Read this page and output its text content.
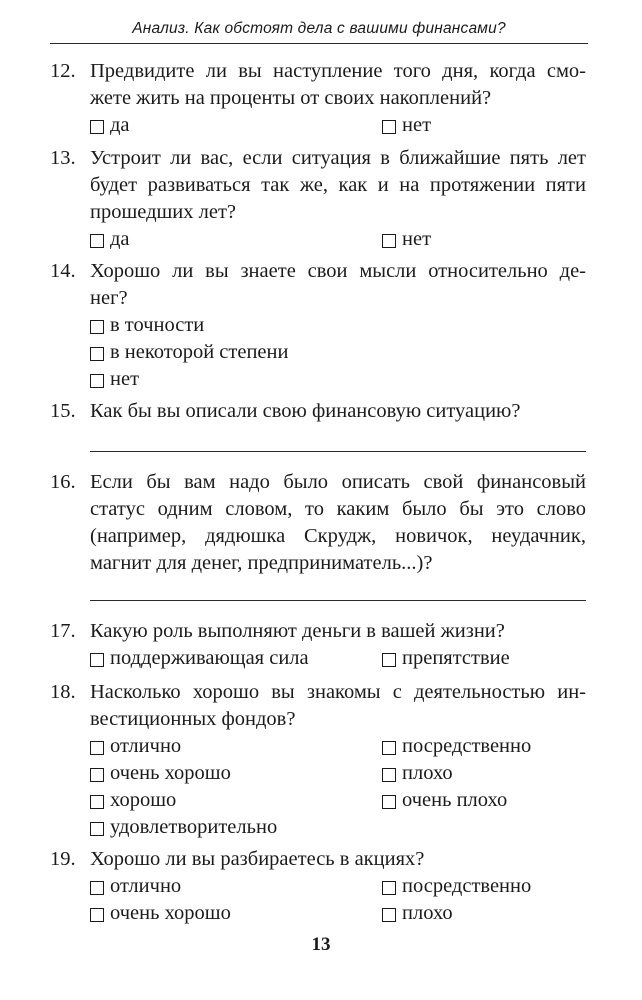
Анализ. Как обстоят дела с вашими финансами?
12. Предвидите ли вы наступление того дня, когда смо-
жете жить на проценты от своих накоплений?
да	нет
13. Устроит ли вас, если ситуация в ближайшие пять лет
будет развиваться так же, как и на протяжении пяти
прошедших лет?
да	нет
14. Хорошо ли вы знаете свои мысли относительно де-
нег?
в точности
в некоторой степени
нет
15. Как бы вы описали свою финансовую ситуацию?
16. Если бы вам надо было описать свой финансовый
статус одним словом, то каким было бы это слово
(например, дядюшка Скрудж, новичок, неудачник,
магнит для денег, предприниматель...)?
17. Какую роль выполняют деньги в вашей жизни?
поддерживающая сила	препятствие
18. Насколько хорошо вы знакомы с деятельностью ин-
вестиционных фондов?
отлично	посредственно
очень хорошо	плохо
хорошо	очень плохо
удовлетворительно
19. Хорошо ли вы разбираетесь в акциях?
отлично	посредственно
очень хорошо	плохо
13
